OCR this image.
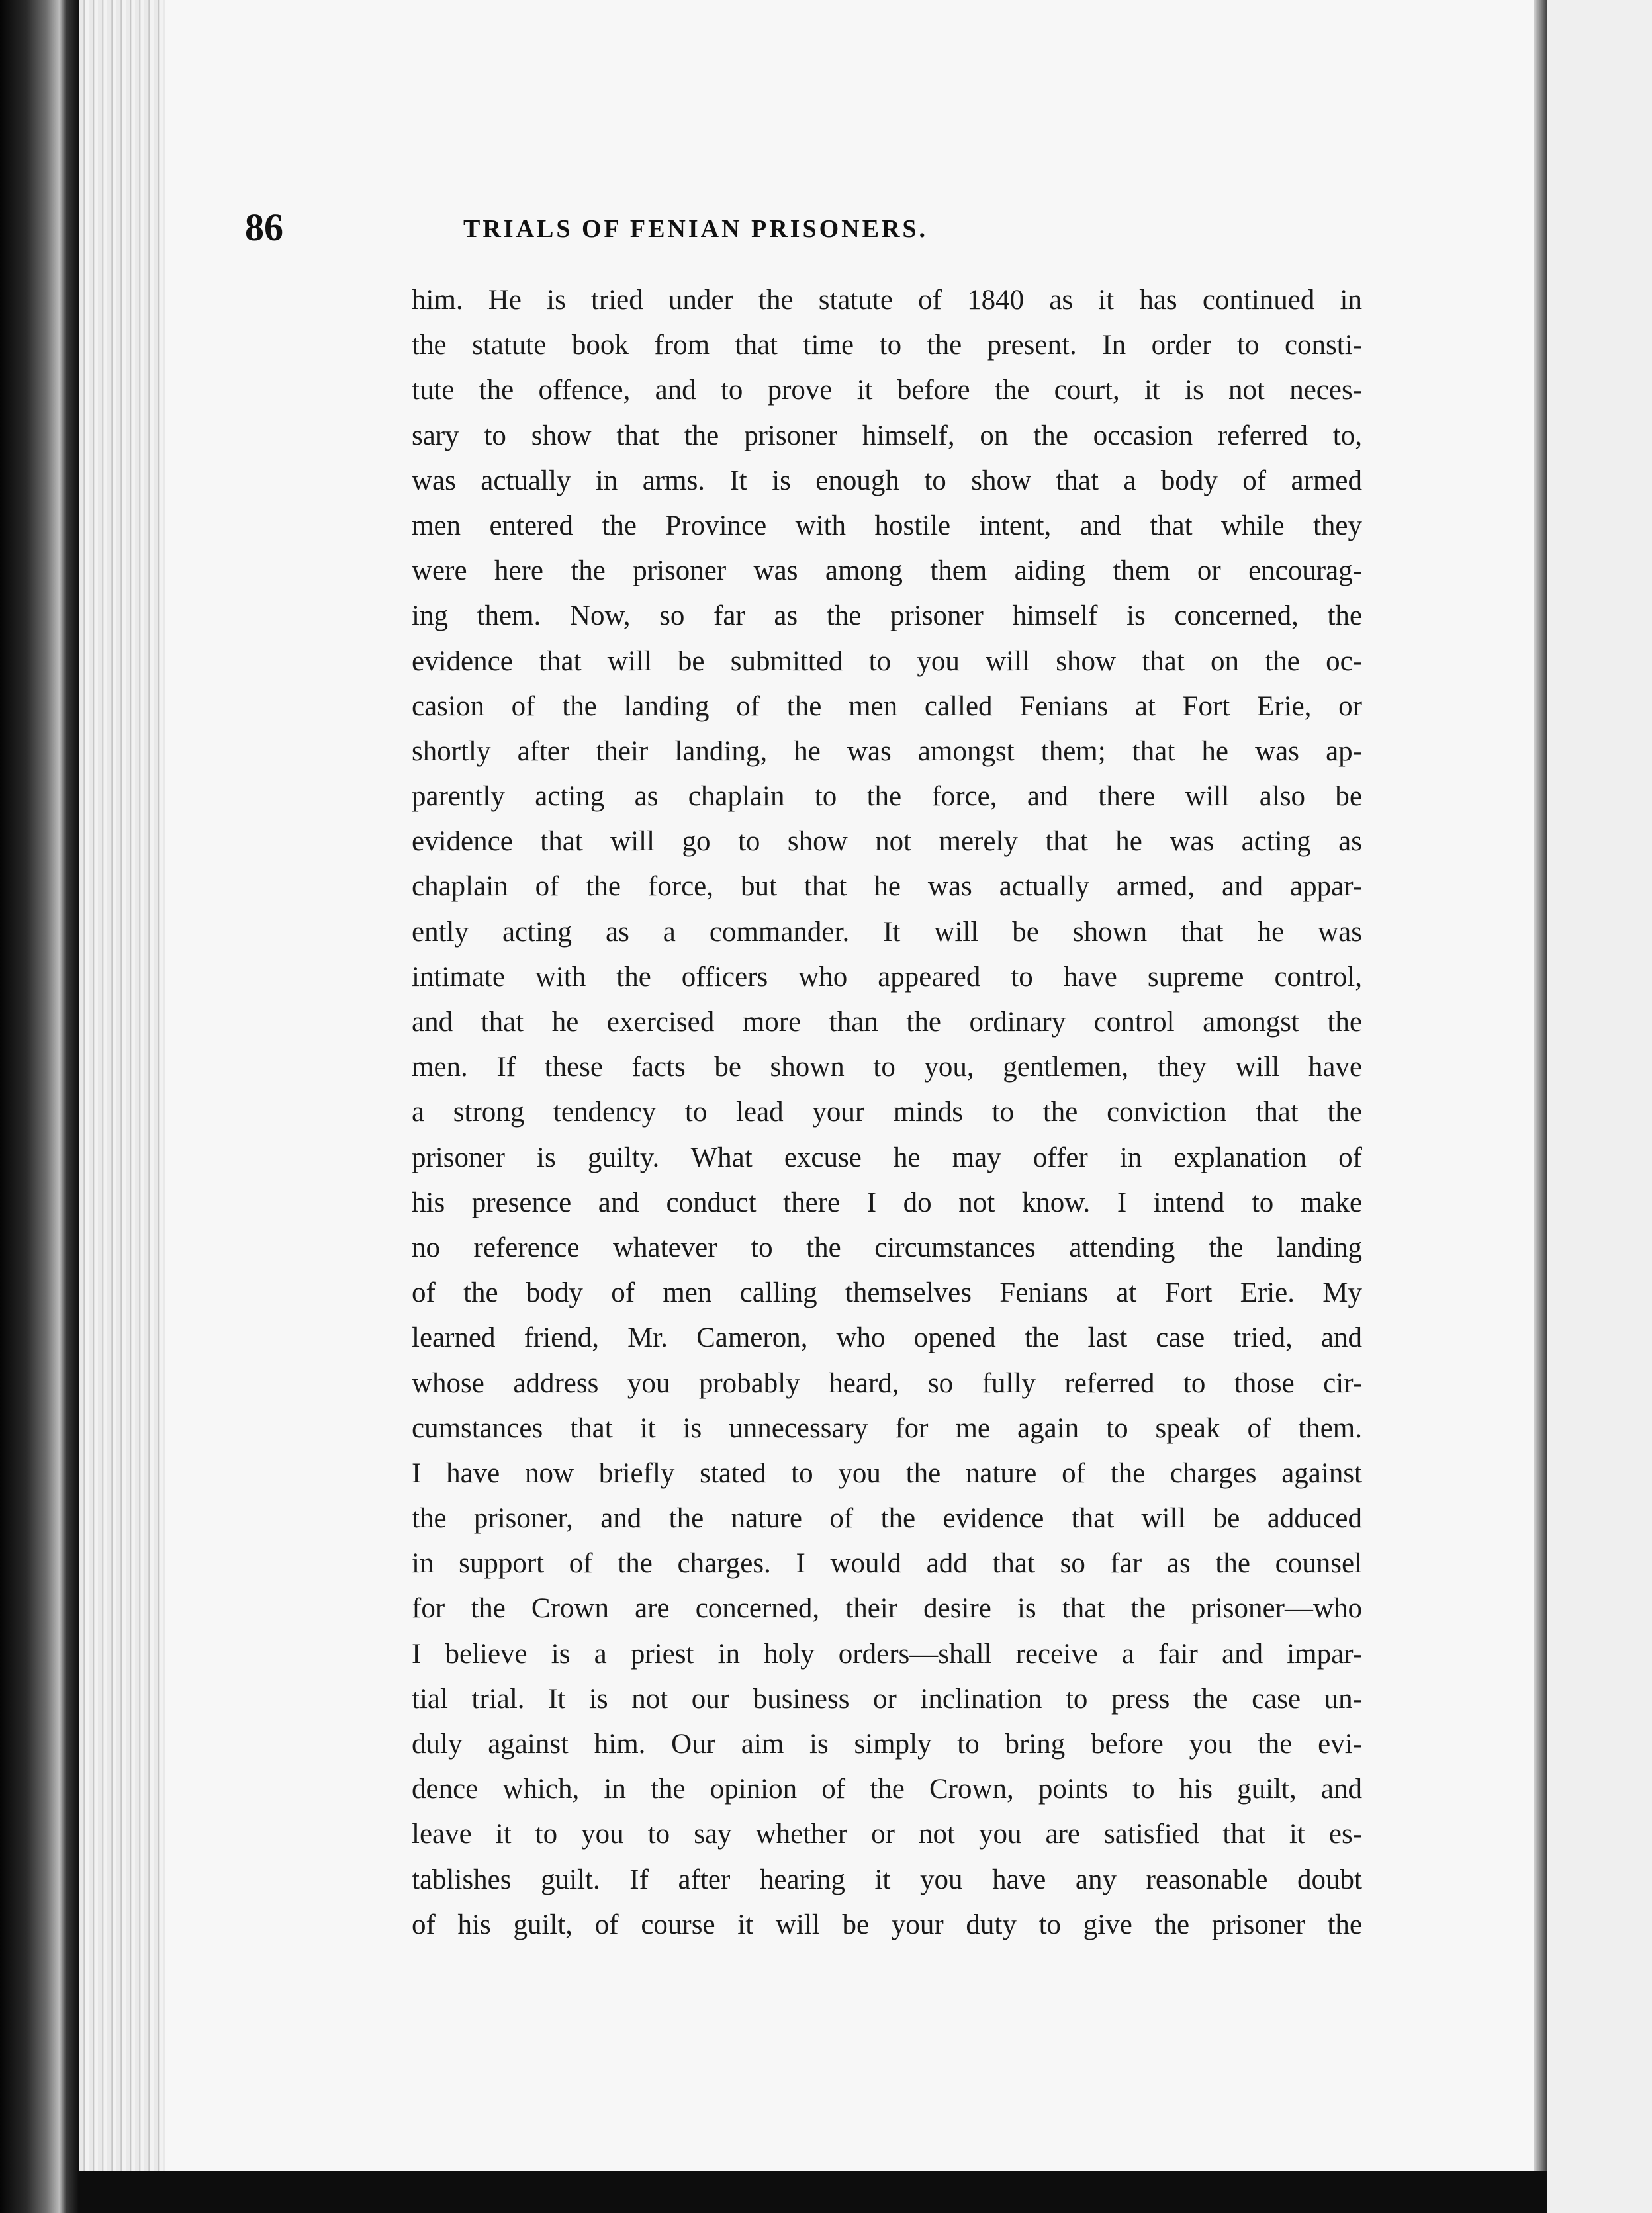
86	TRIALS OF FENIAN PRISONERS.
him. He is tried under the statute of 1840 as it has continued in
the statute book from that time to the present. In order to consti-
tute the offence, and to prove it before the court, it is not neces-
sary to show that the prisoner himself, on the occasion referred to,
was actually in arms. It is enough to show that a body of armed
men entered the Province with hostile intent, and that while they
were here the prisoner was among them aiding them or encourag-
ing them. Now, so far as the prisoner himself is concerned, the
evidence that will be submitted to you will show that on the oc-
casion of the landing of the men called Fenians at Fort Erie, or
shortly after their landing, he was amongst them; that he was ap-
parently acting as chaplain to the force, and there will also be
evidence that will go to show not merely that he was acting as
chaplain of the force, but that he was actually armed, and appar-
ently acting as a commander. It will be shown that he was
intimate with the officers who appeared to have supreme control,
and that he exercised more than the ordinary control amongst the
men. If these facts be shown to you, gentlemen, they will have
a strong tendency to lead your minds to the conviction that the
prisoner is guilty. What excuse he may offer in explanation of
his presence and conduct there I do not know. I intend to make
no reference whatever to the circumstances attending the landing
of the body of men calling themselves Fenians at Fort Erie. My
learned friend, Mr. Cameron, who opened the last case tried, and
whose address you probably heard, so fully referred to those cir-
cumstances that it is unnecessary for me again to speak of them.
I have now briefly stated to you the nature of the charges against
the prisoner, and the nature of the evidence that will be adduced
in support of the charges. I would add that so far as the counsel
for the Crown are concerned, their desire is that the prisoner—who
I believe is a priest in holy orders—shall receive a fair and impar-
tial trial. It is not our business or inclination to press the case un-
duly against him. Our aim is simply to bring before you the evi-
dence which, in the opinion of the Crown, points to his guilt, and
leave it to you to say whether or not you are satisfied that it es-
tablishes guilt. If after hearing it you have any reasonable doubt
of his guilt, of course it will be your duty to give the prisoner the
